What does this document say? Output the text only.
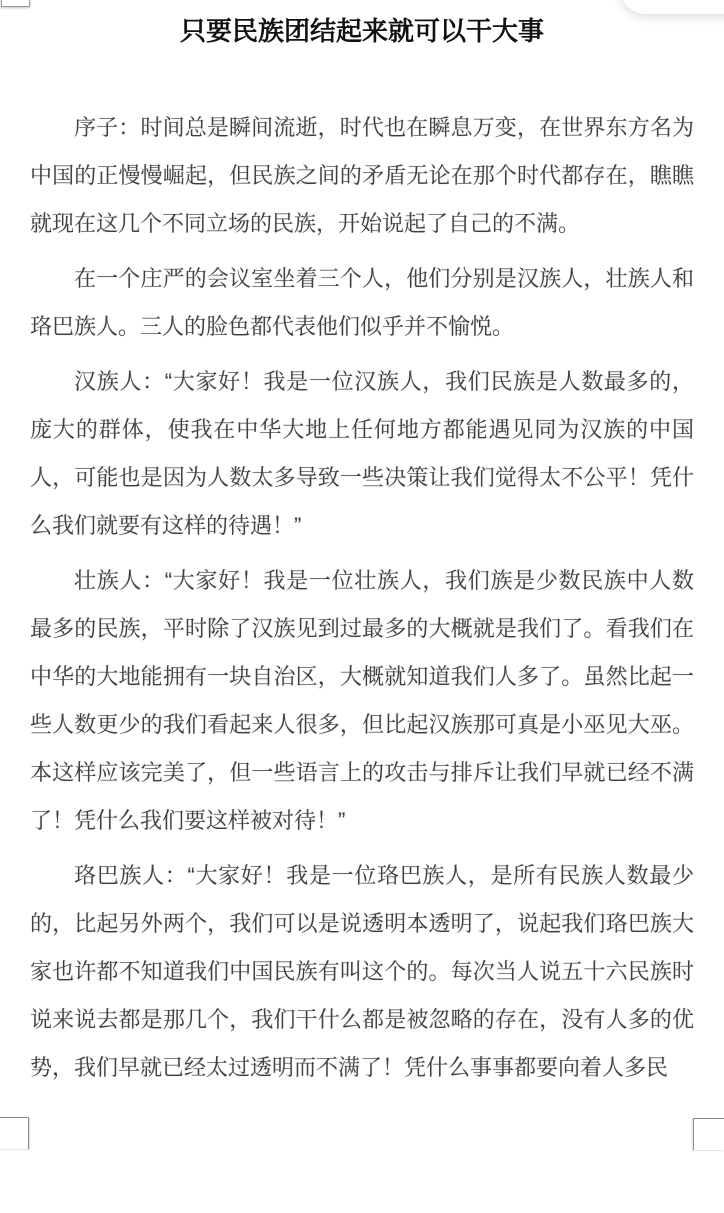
只要民族团结起来就可以干大事

序子：时间总是瞬间流逝，时代也在瞬息万变，在世界东方名为中国的正慢慢崛起，但民族之间的矛盾无论在那个时代都存在，瞧瞧就现在这几个不同立场的民族，开始说起了自己的不满。

在一个庄严的会议室坐着三个人，他们分别是汉族人，壮族人和珞巴族人。三人的脸色都代表他们似乎并不愉悦。

汉族人：“大家好！我是一位汉族人，我们民族是人数最多的，庞大的群体，使我在中华大地上任何地方都能遇见同为汉族的中国人，可能也是因为人数太多导致一些决策让我们觉得太不公平！凭什么我们就要有这样的待遇！”

壮族人：“大家好！我是一位壮族人，我们族是少数民族中人数最多的民族，平时除了汉族见到过最多的大概就是我们了。看我们在中华的大地能拥有一块自治区，大概就知道我们人多了。虽然比起一些人数更少的我们看起来人很多，但比起汉族那可真是小巫见大巫。本这样应该完美了，但一些语言上的攻击与排斥让我们早就已经不满了！凭什么我们要这样被对待！”

珞巴族人：“大家好！我是一位珞巴族人，是所有民族人数最少的，比起另外两个，我们可以是说透明本透明了，说起我们珞巴族大家也许都不知道我们中国民族有叫这个的。每次当人说五十六民族时说来说去都是那几个，我们干什么都是被忽略的存在，没有人多的优势，我们早就已经太过透明而不满了！凭什么事事都要向着人多民
